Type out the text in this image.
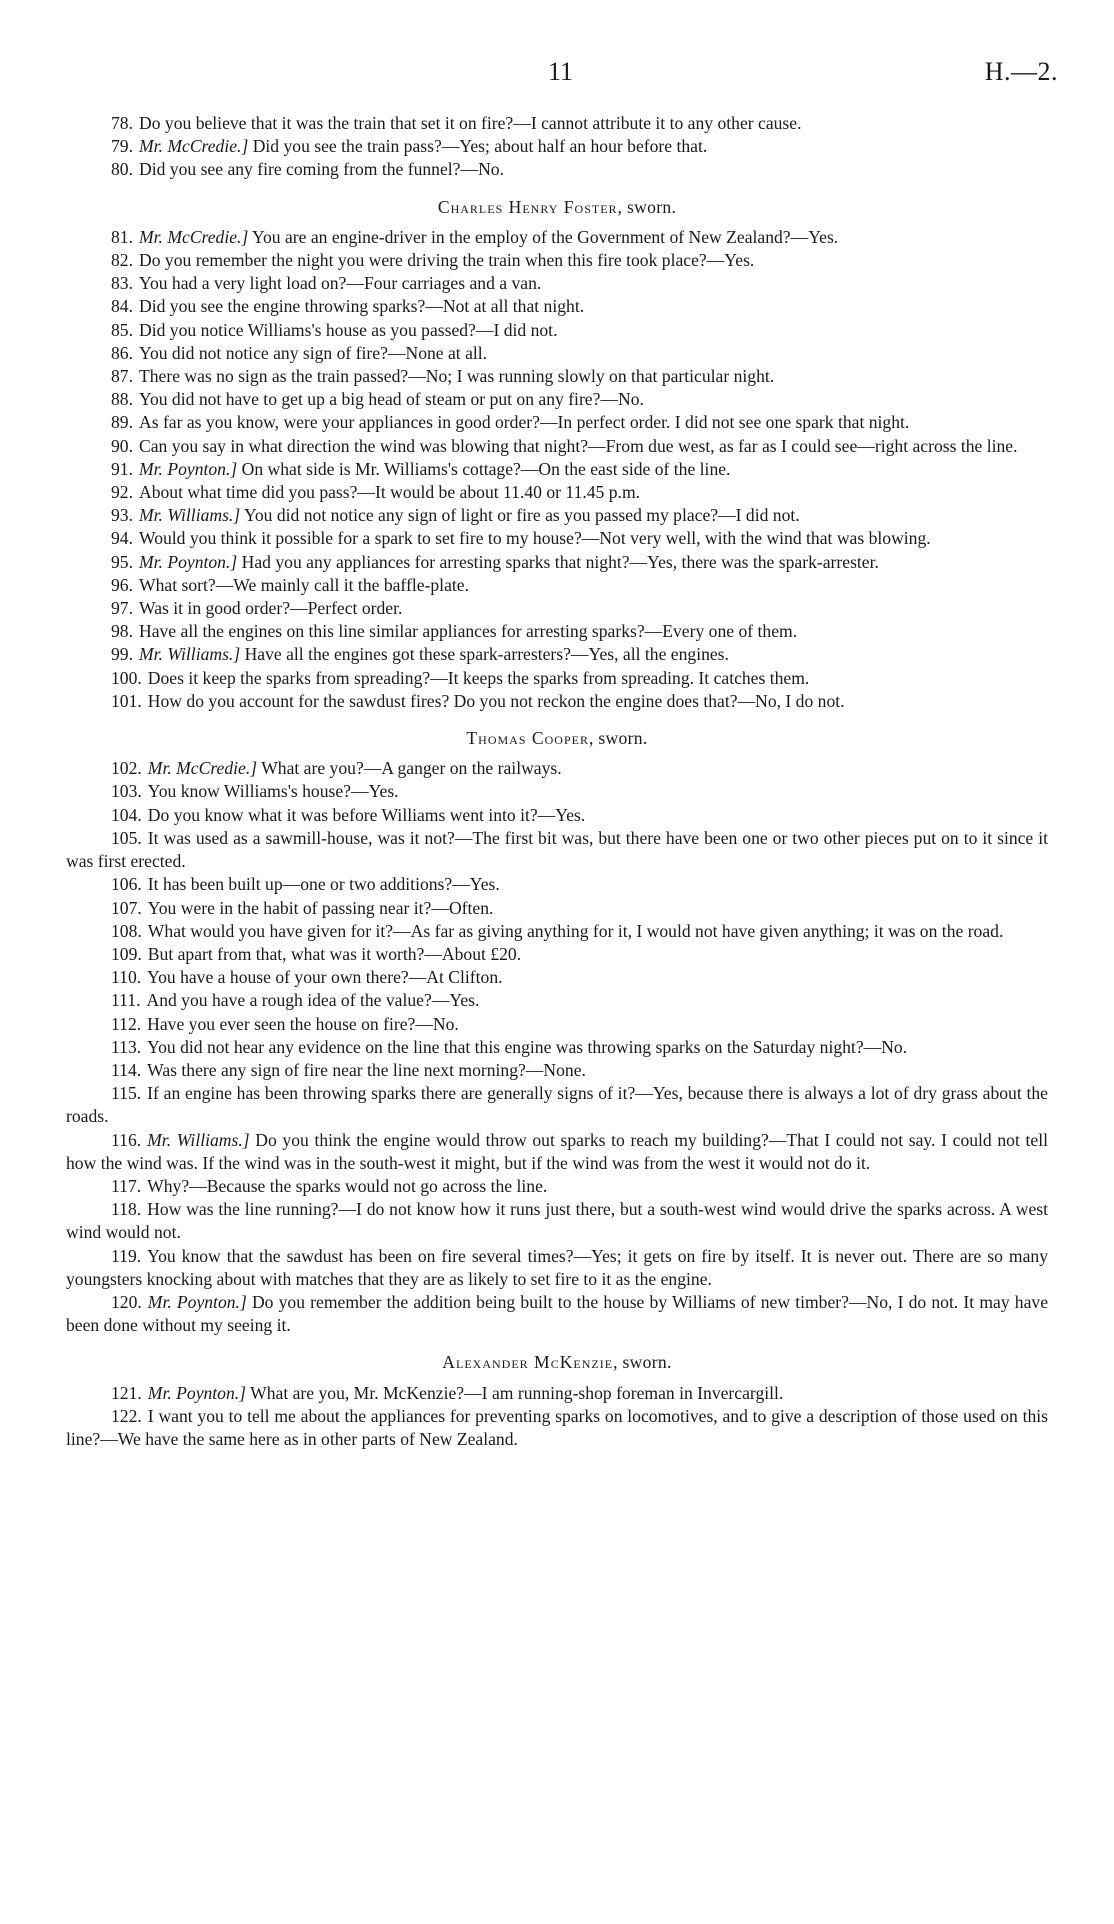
11	H.—2.

78. Do you believe that it was the train that set it on fire?—I cannot attribute it to any other cause.

79. Mr. McCredie.] Did you see the train pass?—Yes; about half an hour before that.

80. Did you see any fire coming from the funnel?—No.

Charles Henry Foster, sworn.

81. Mr. McCredie.] You are an engine-driver in the employ of the Government of New Zealand?—Yes.

82. Do you remember the night you were driving the train when this fire took place?—Yes.

83. You had a very light load on?—Four carriages and a van.

84. Did you see the engine throwing sparks?—Not at all that night.

85. Did you notice Williams's house as you passed?—I did not.

86. You did not notice any sign of fire?—None at all.

87. There was no sign as the train passed?—No; I was running slowly on that particular night.

88. You did not have to get up a big head of steam or put on any fire?—No.

89. As far as you know, were your appliances in good order?—In perfect order. I did not see one spark that night.

90. Can you say in what direction the wind was blowing that night?—From due west, as far as I could see—right across the line.

91. Mr. Poynton.] On what side is Mr. Williams's cottage?—On the east side of the line.

92. About what time did you pass?—It would be about 11.40 or 11.45 p.m.

93. Mr. Williams.] You did not notice any sign of light or fire as you passed my place?—I did not.

94. Would you think it possible for a spark to set fire to my house?—Not very well, with the wind that was blowing.

95. Mr. Poynton.] Had you any appliances for arresting sparks that night?—Yes, there was the spark-arrester.

96. What sort?—We mainly call it the baffle-plate.

97. Was it in good order?—Perfect order.

98. Have all the engines on this line similar appliances for arresting sparks?—Every one of them.

99. Mr. Williams.] Have all the engines got these spark-arresters?—Yes, all the engines.

100. Does it keep the sparks from spreading?—It keeps the sparks from spreading. It catches them.

101. How do you account for the sawdust fires? Do you not reckon the engine does that?—No, I do not.

Thomas Cooper, sworn.

102. Mr. McCredie.] What are you?—A ganger on the railways.

103. You know Williams's house?—Yes.

104. Do you know what it was before Williams went into it?—Yes.

105. It was used as a sawmill-house, was it not?—The first bit was, but there have been one or two other pieces put on to it since it was first erected.

106. It has been built up—one or two additions?—Yes.

107. You were in the habit of passing near it?—Often.

108. What would you have given for it?—As far as giving anything for it, I would not have given anything; it was on the road.

109. But apart from that, what was it worth?—About £20.

110. You have a house of your own there?—At Clifton.

111. And you have a rough idea of the value?—Yes.

112. Have you ever seen the house on fire?—No.

113. You did not hear any evidence on the line that this engine was throwing sparks on the Saturday night?—No.

114. Was there any sign of fire near the line next morning?—None.

115. If an engine has been throwing sparks there are generally signs of it?—Yes, because there is always a lot of dry grass about the roads.

116. Mr. Williams.] Do you think the engine would throw out sparks to reach my building?—That I could not say. I could not tell how the wind was. If the wind was in the south-west it might, but if the wind was from the west it would not do it.

117. Why?—Because the sparks would not go across the line.

118. How was the line running?—I do not know how it runs just there, but a south-west wind would drive the sparks across. A west wind would not.

119. You know that the sawdust has been on fire several times?—Yes; it gets on fire by itself. It is never out. There are so many youngsters knocking about with matches that they are as likely to set fire to it as the engine.

120. Mr. Poynton.] Do you remember the addition being built to the house by Williams of new timber?—No, I do not. It may have been done without my seeing it.

Alexander McKenzie, sworn.

121. Mr. Poynton.] What are you, Mr. McKenzie?—I am running-shop foreman in Invercargill.

122. I want you to tell me about the appliances for preventing sparks on locomotives, and to give a description of those used on this line?—We have the same here as in other parts of New Zealand.
